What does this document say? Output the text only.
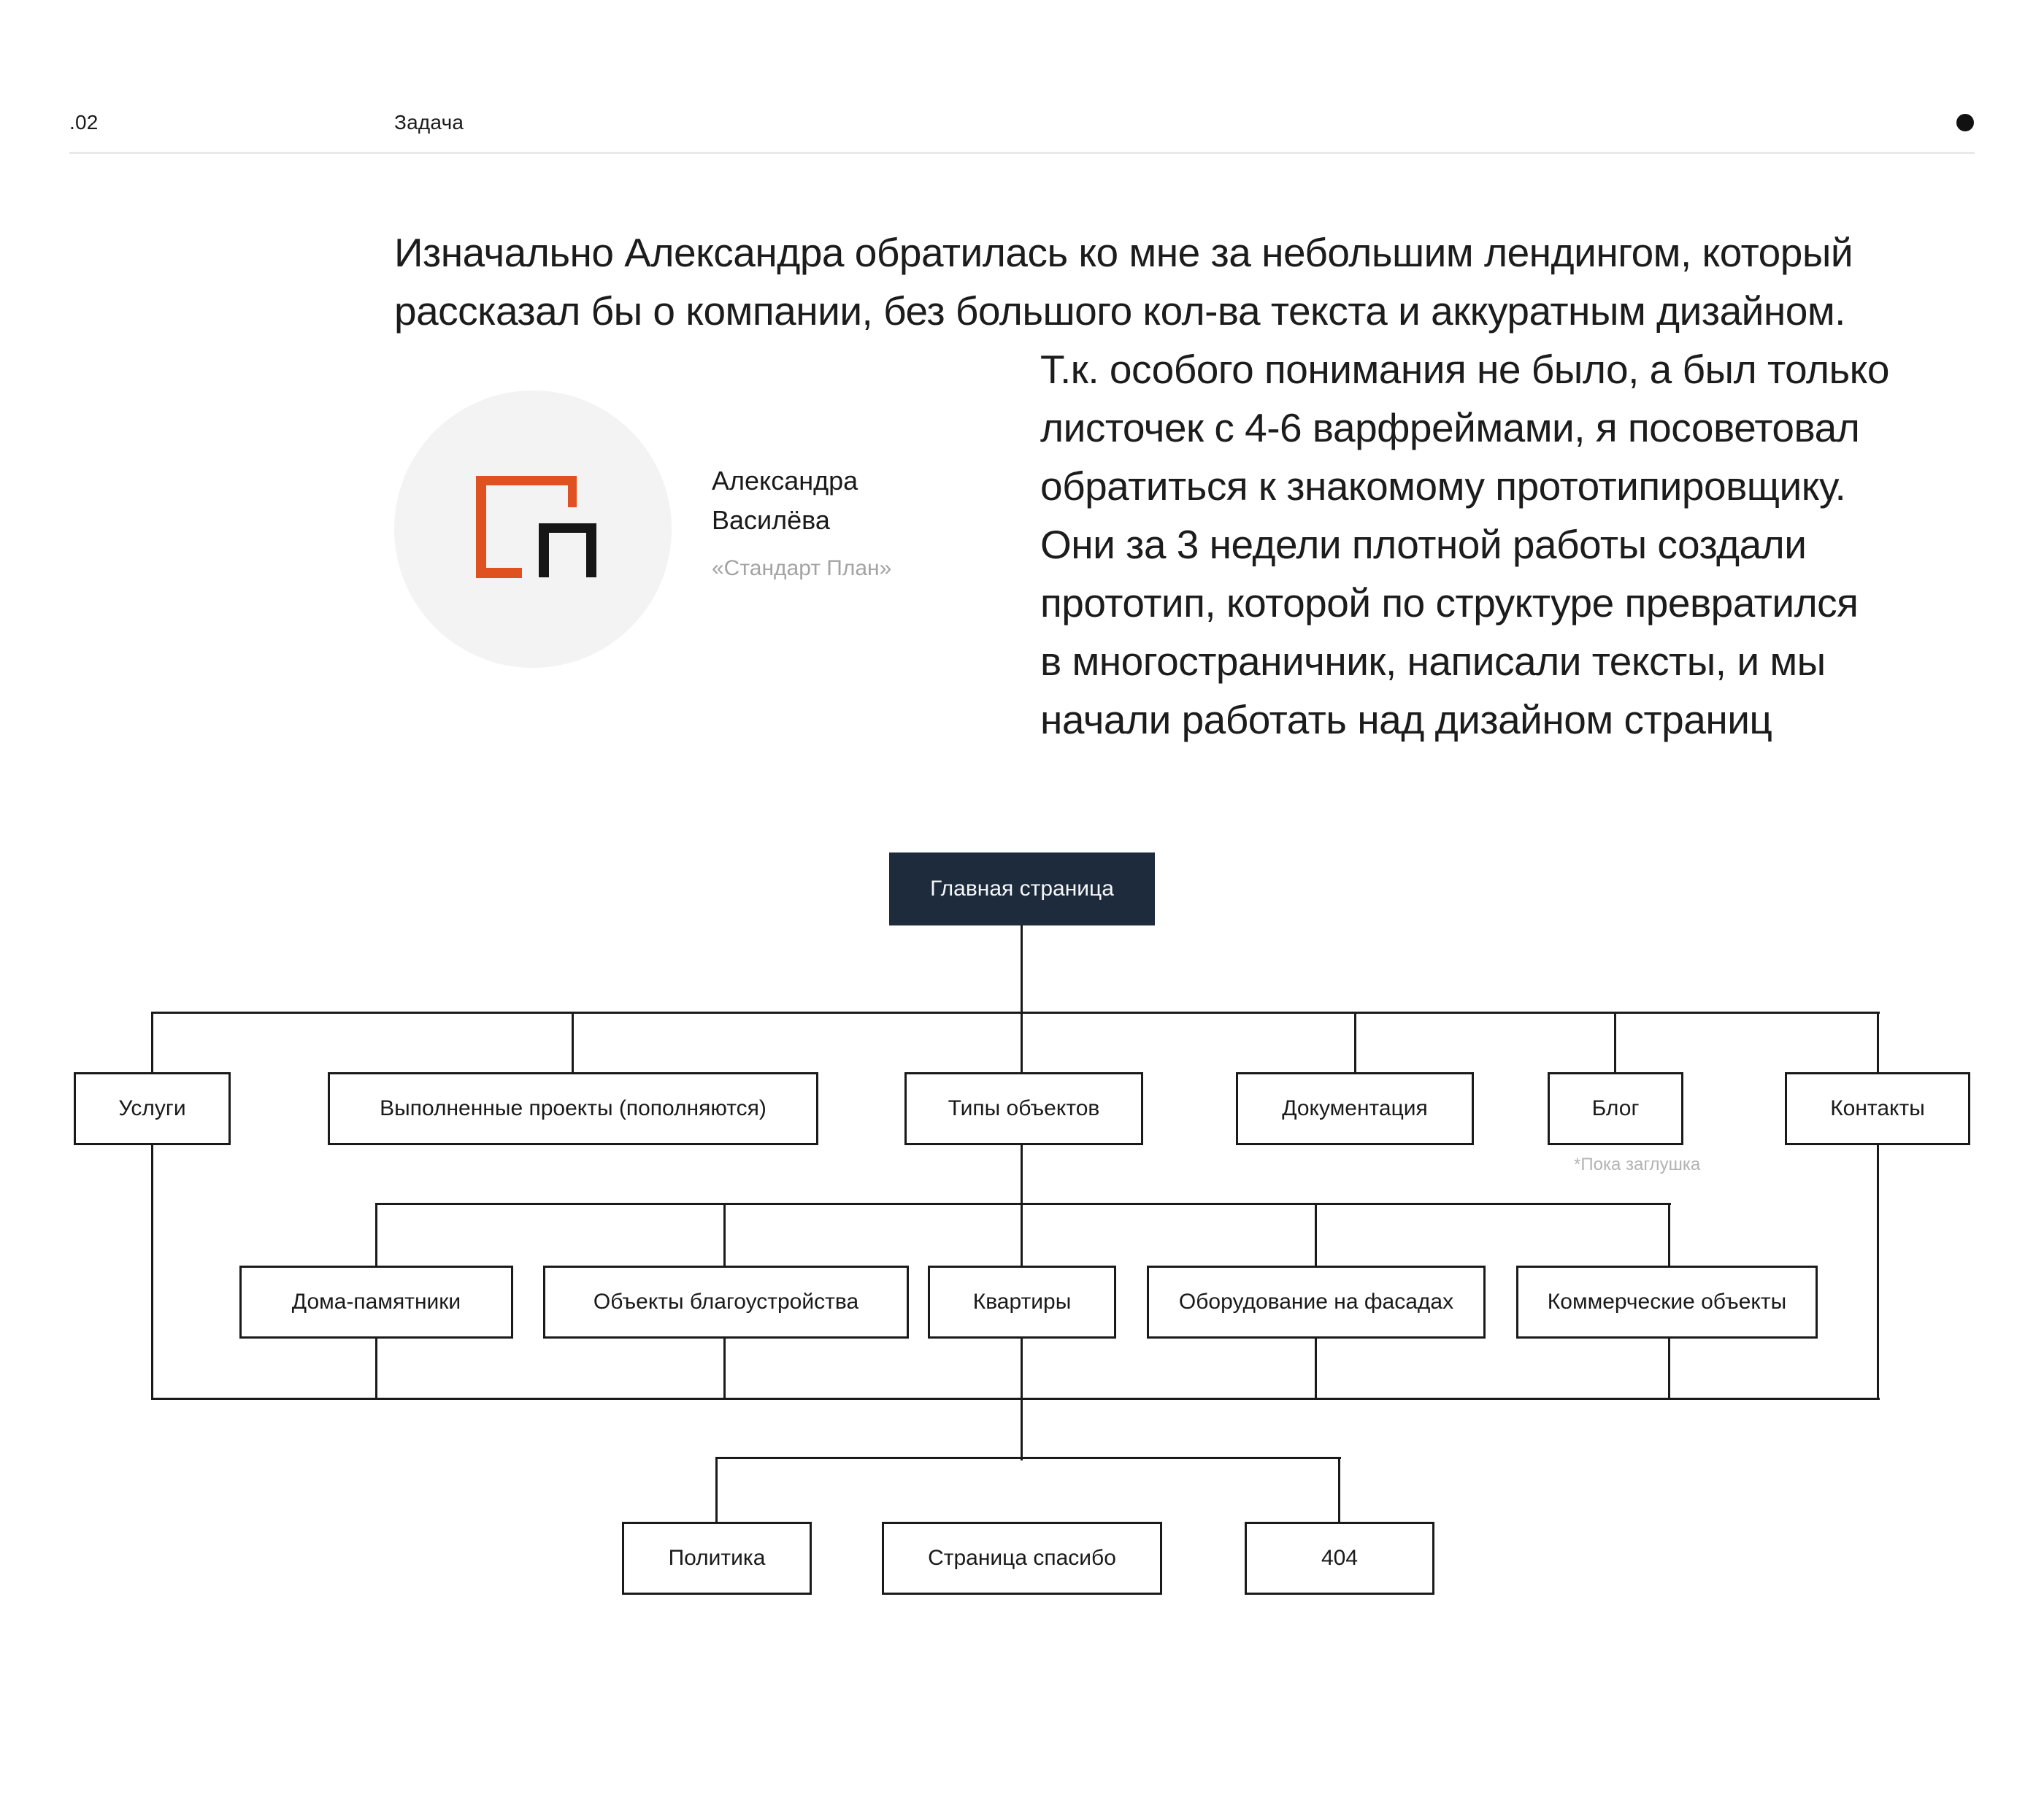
.02	Задача
Изначально Александра обратилась ко мне за небольшим лендингом, который
рассказал бы о компании, без большого кол-ва текста и аккуратным дизайном.
Т.к. особого понимания не было, а был только
листочек с 4-6 варфреймами, я посоветовал
обратиться к знакомому прототипировщику.
Они за 3 недели плотной работы создали
прототип, которой по структуре превратился
в многостраничник, написали тексты, и мы
начали работать над дизайном страниц
Александра
Василёва
«Стандарт План»
Главная страница
Услуги	Выполненные проекты (пополняются)	Типы объектов	Документация	Блог	Контакты
*Пока заглушка
Дома-памятники	Объекты благоустройства	Квартиры	Оборудование на фасадах	Коммерческие объекты
Политика	Страница спасибо	404
